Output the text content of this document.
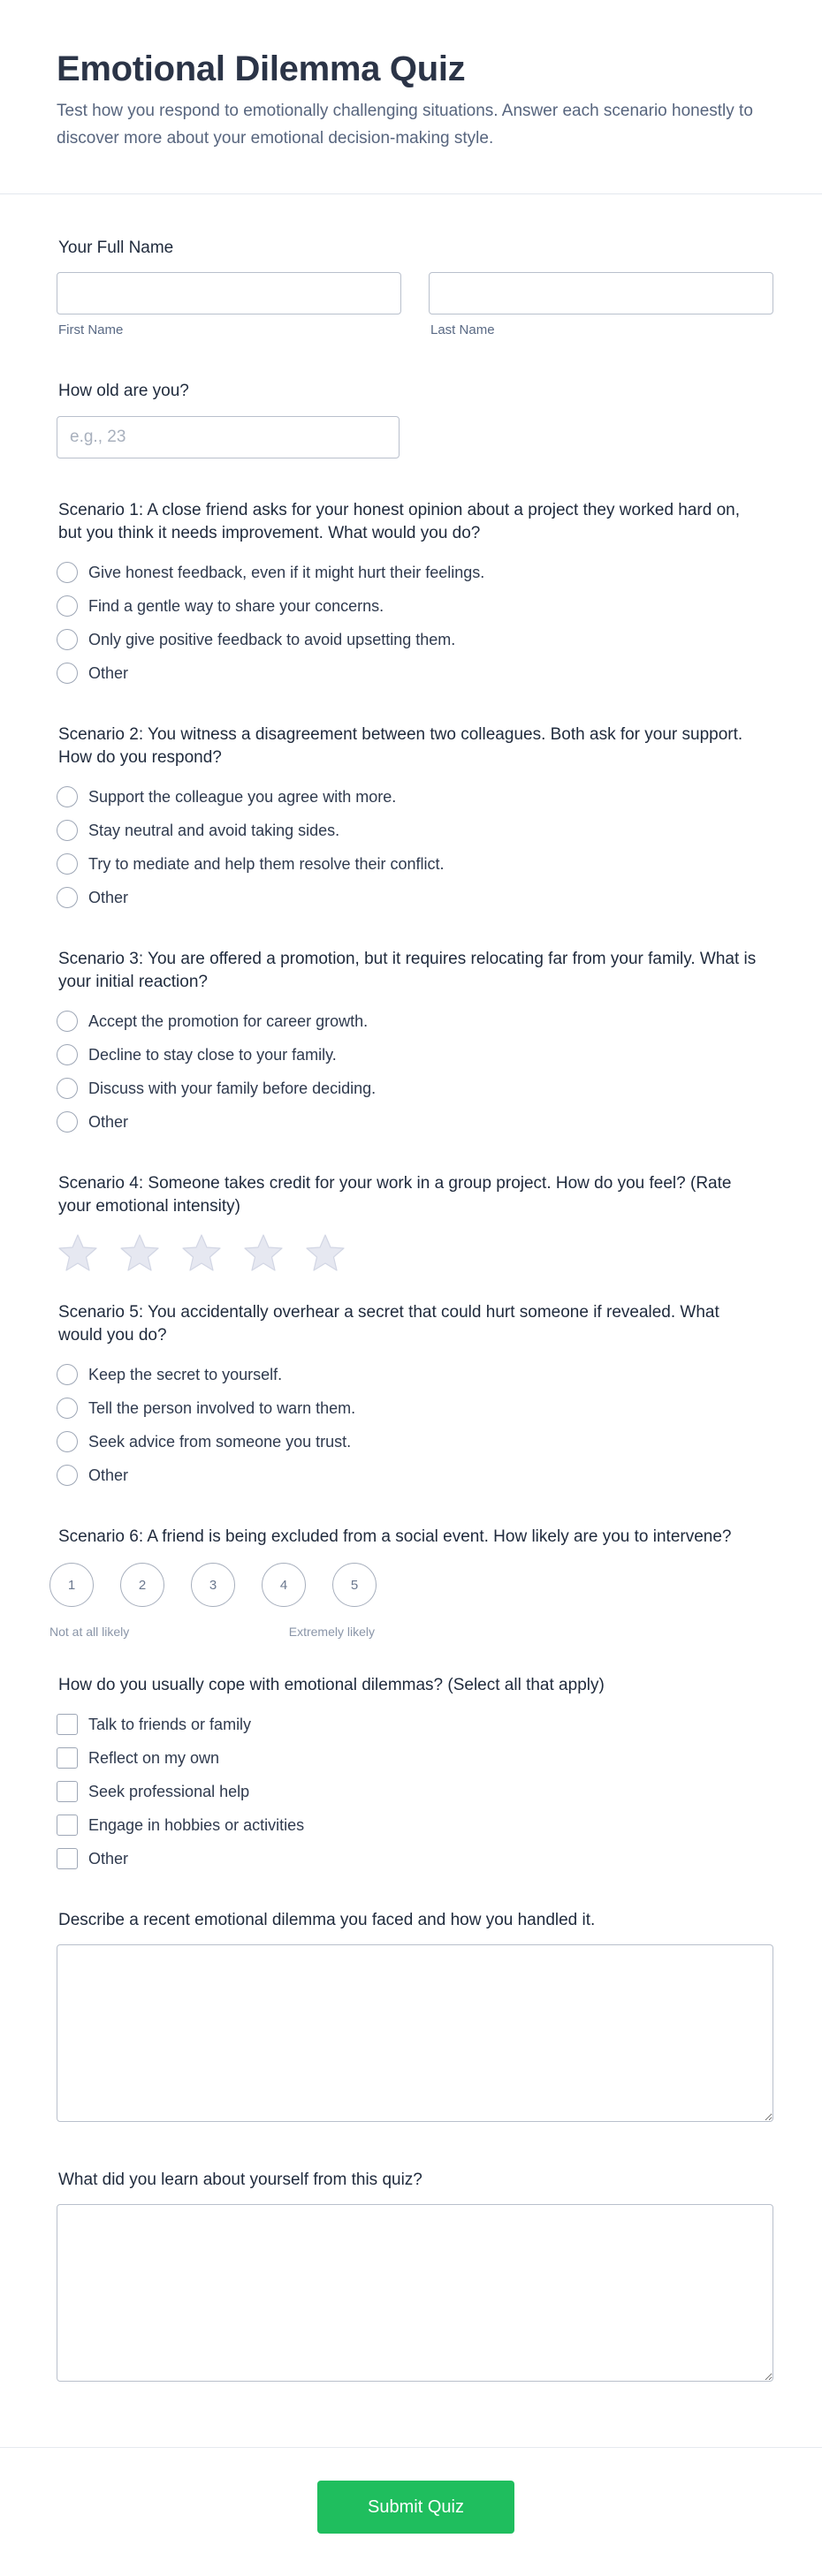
Emotional Dilemma Quiz

Test how you respond to emotionally challenging situations. Answer each scenario honestly to discover more about your emotional decision-making style.

Your Full Name
First Name	Last Name
How old are you?
e.g., 23
Scenario 1: A close friend asks for your honest opinion about a project they worked hard on, but you think it needs improvement. What would you do?
Give honest feedback, even if it might hurt their feelings.
Find a gentle way to share your concerns.
Only give positive feedback to avoid upsetting them.
Other
Scenario 2: You witness a disagreement between two colleagues. Both ask for your support. How do you respond?
Support the colleague you agree with more.
Stay neutral and avoid taking sides.
Try to mediate and help them resolve their conflict.
Other
Scenario 3: You are offered a promotion, but it requires relocating far from your family. What is your initial reaction?
Accept the promotion for career growth.
Decline to stay close to your family.
Discuss with your family before deciding.
Other
Scenario 4: Someone takes credit for your work in a group project. How do you feel? (Rate your emotional intensity)
Scenario 5: You accidentally overhear a secret that could hurt someone if revealed. What would you do?
Keep the secret to yourself.
Tell the person involved to warn them.
Seek advice from someone you trust.
Other
Scenario 6: A friend is being excluded from a social event. How likely are you to intervene?
1	2	3	4	5
Not at all likely	Extremely likely
How do you usually cope with emotional dilemmas? (Select all that apply)
Talk to friends or family
Reflect on my own
Seek professional help
Engage in hobbies or activities
Other
Describe a recent emotional dilemma you faced and how you handled it.
What did you learn about yourself from this quiz?
Submit Quiz
